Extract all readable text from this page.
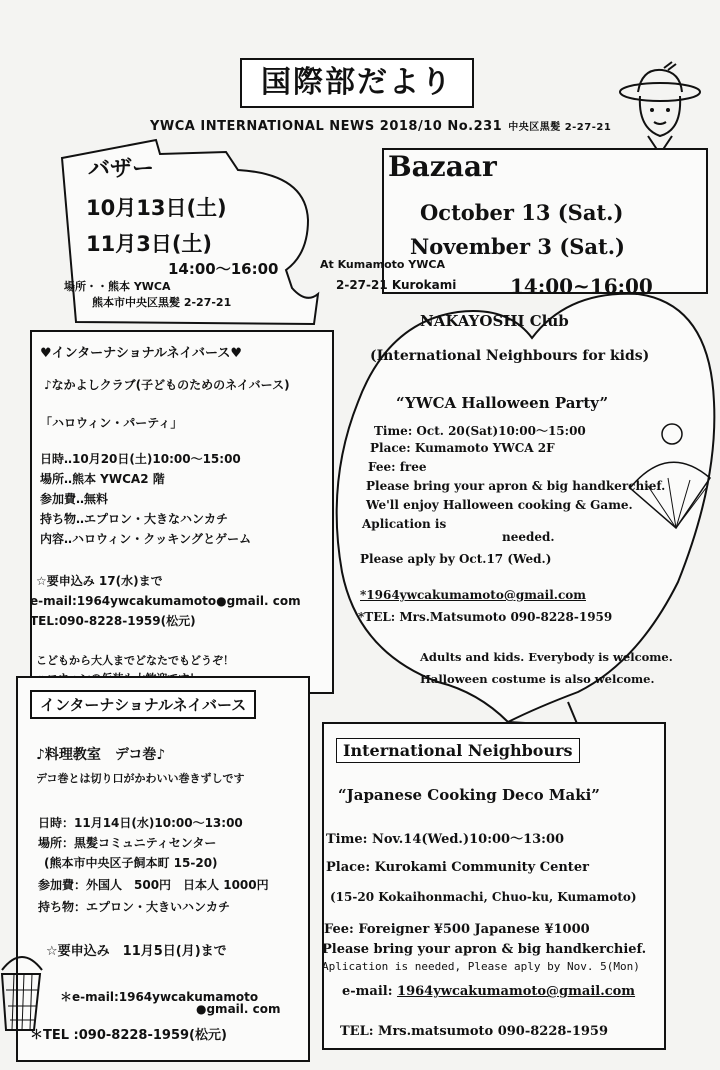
国際部だより
YWCA INTERNATIONAL NEWS 2018/10 No.231 中央区黒髪 2-27-21
バザー
10月13日(土)
11月3日(土)
14:00～16:00
場所・・熊本 YWCA
熊本市中央区黒髪 2-27-21
Bazaar
October 13 (Sat.)
November 3 (Sat.)
14:00~16:00
At Kumamoto YWCA
2-27-21 Kurokami
♥インターナショナルネイバース♥
♪なかよしクラブ(子どものためのネイバース)
「ハロウィン・パーティ」
日時‥10月20日(土)10:00～15:00
場所‥熊本 YWCA2 階
参加費‥無料
持ち物‥エプロン・大きなハンカチ
内容‥ハロウィン・クッキングとゲーム
☆要申込み 17(水)まで
e-mail:1964ywcakumamoto●gmail. com
TEL:090-8228-1959(松元)
こどもから大人までどなたでもどうぞ！
NAKAYOSHI Club
(International Neighbours for kids)
“YWCA Halloween Party”
Time: Oct. 20(Sat)10:00～15:00
Place: Kumamoto YWCA 2F
Fee: free
Please bring your apron & big handkerchief.
We'll enjoy Halloween cooking & Game.
Aplication is
needed.
Please aply by Oct.17 (Wed.)
*1964ywcakumamoto@gmail.com
*TEL: Mrs.Matsumoto 090-8228-1959
Adults and kids. Everybody is welcome.
Halloween costume is also welcome.
インターナショナルネイバース
♪料理教室　デコ巻♪
デコ巻とは切り口がかわいい巻きずしです
日時：11月14日(水)10:00～13:00
場所：黒髪コミュニティセンター
(熊本市中央区子飼本町 15-20)
参加費：外国人　500円　日本人 1000円
持ち物：エプロン・大きいハンカチ
☆要申込み　11月5日(月)まで
＊e-mail:1964ywcakumamoto
●gmail. com
＊TEL :090-8228-1959(松元)
International Neighbours
“Japanese Cooking Deco Maki”
Time: Nov.14(Wed.)10:00～13:00
Place: Kurokami Community Center
(15-20 Kokaihonmachi, Chuo-ku, Kumamoto)
Fee: Foreigner ¥500 Japanese ¥1000
Please bring your apron & big handkerchief.
Aplication is needed, Please aply by Nov. 5(Mon)
e-mail: 1964ywcakumamoto@gmail.com
TEL: Mrs.matsumoto 090-8228-1959
